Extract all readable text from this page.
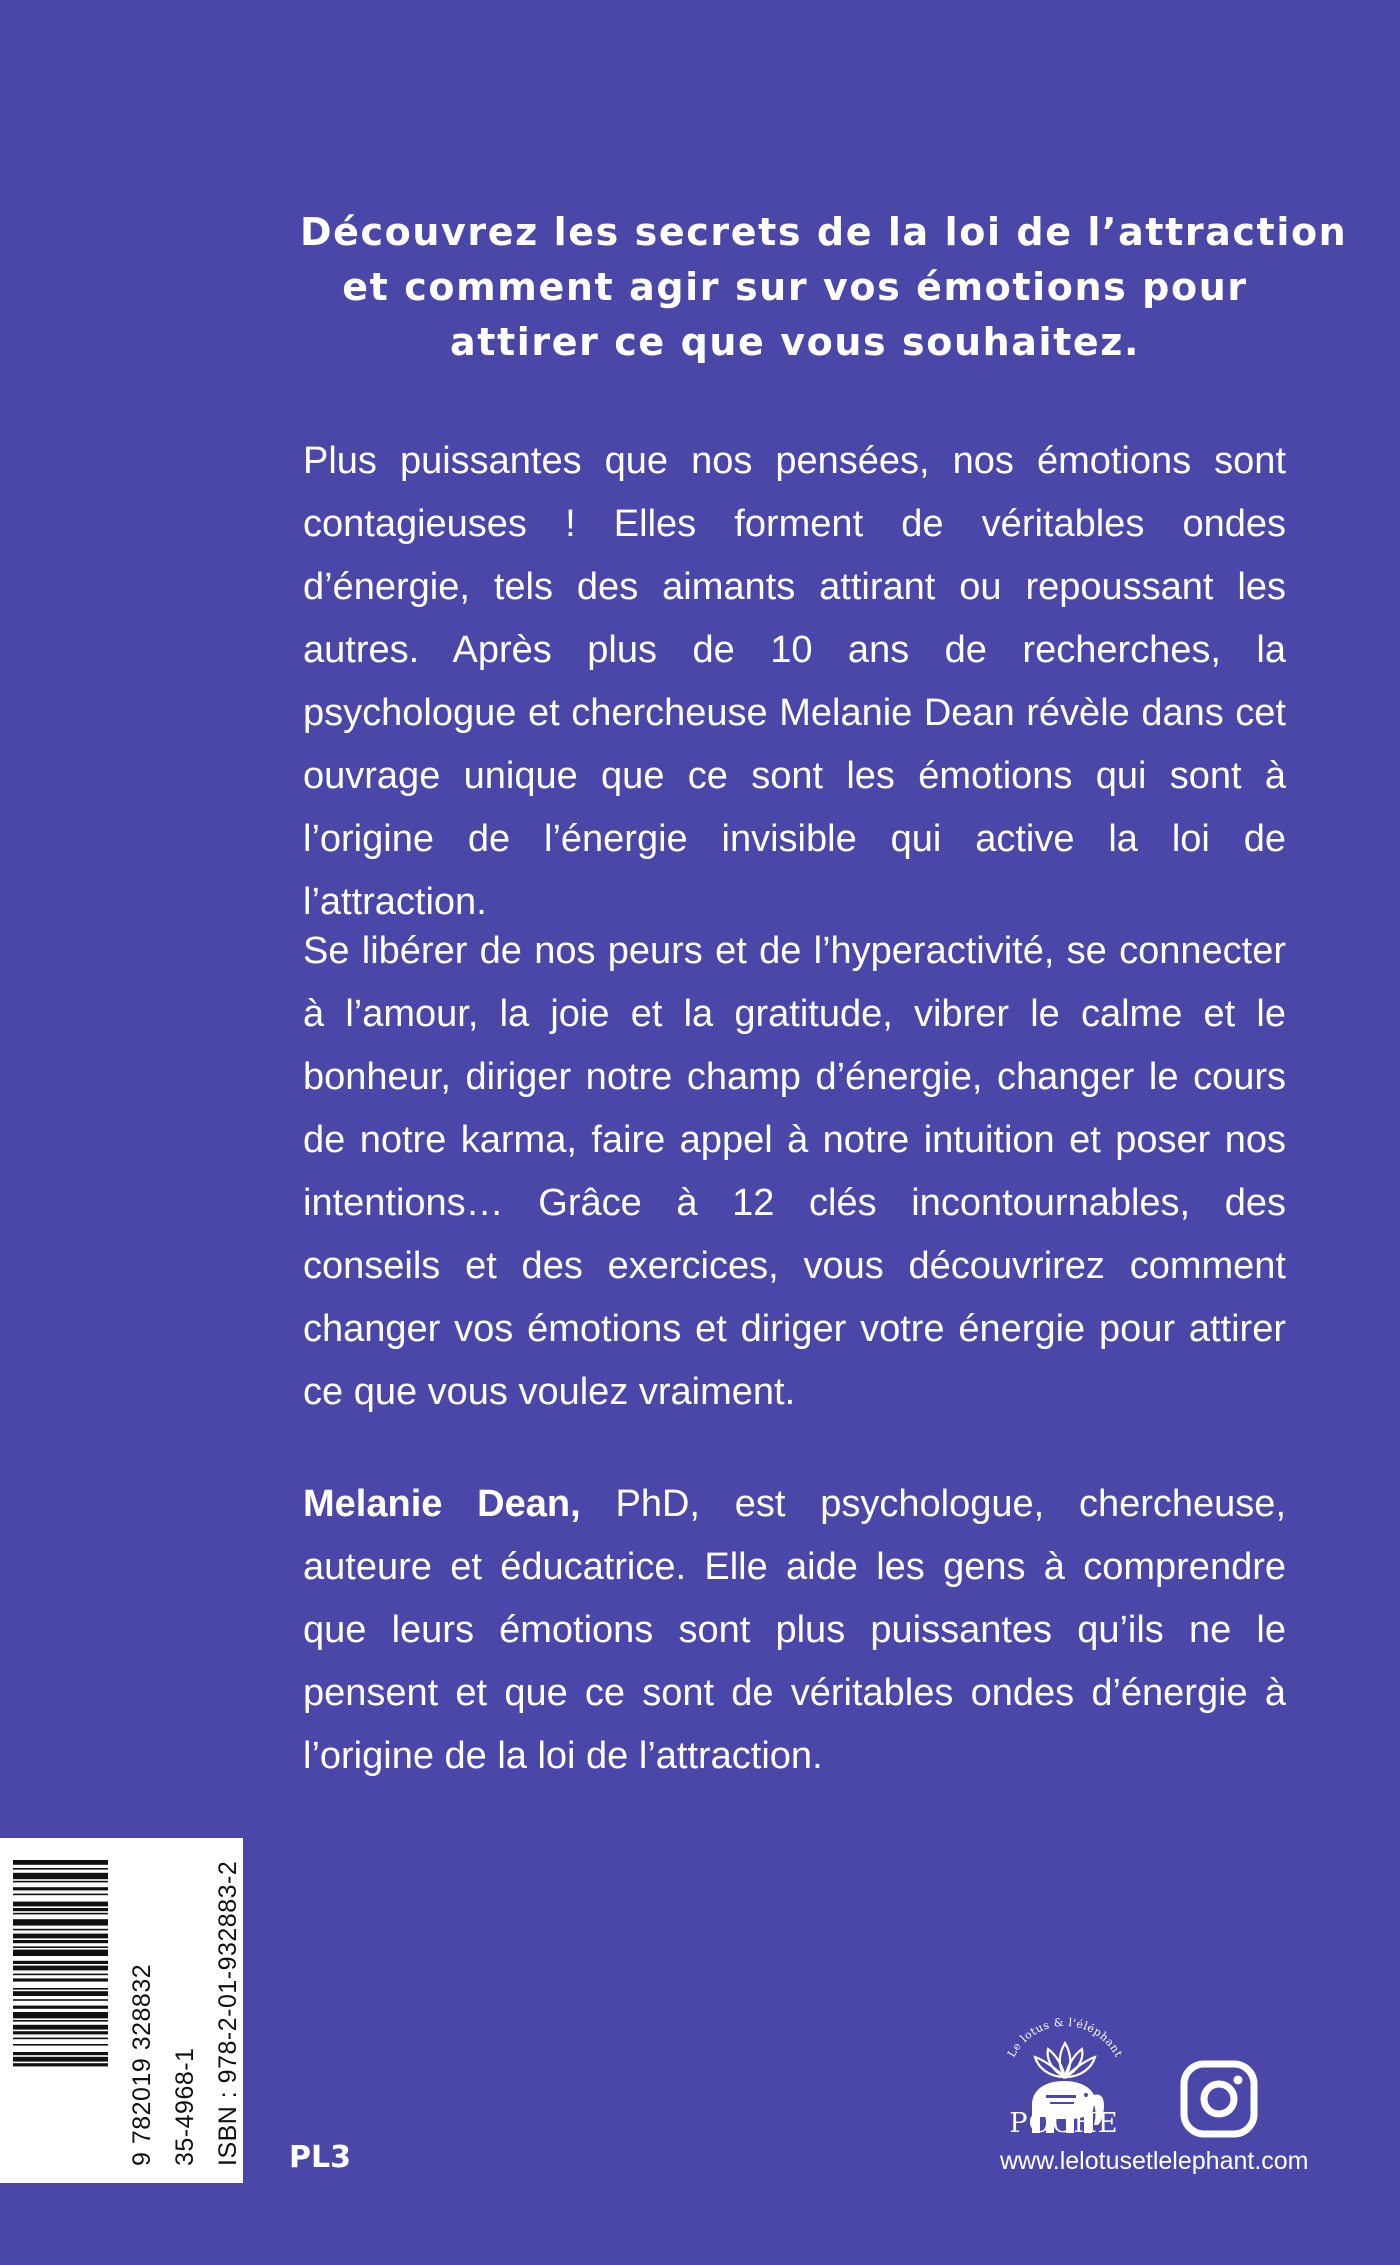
Découvrez les secrets de la loi de l’attraction
et comment agir sur vos émotions pour
attirer ce que vous souhaitez.
Plus puissantes que nos pensées, nos émotions sont contagieuses ! Elles forment de véritables ondes d’énergie, tels des aimants attirant ou repoussant les autres. Après plus de 10 ans de recherches, la psychologue et chercheuse Melanie Dean révèle dans cet ouvrage unique que ce sont les émotions qui sont à l’origine de l’énergie invisible qui active la loi de l’attraction.
Se libérer de nos peurs et de l’hyperactivité, se connecter à l’amour, la joie et la gratitude, vibrer le calme et le bonheur, diriger notre champ d’énergie, changer le cours de notre karma, faire appel à notre intuition et poser nos intentions… Grâce à 12 clés incontournables, des conseils et des exercices, vous découvrirez comment changer vos émotions et diriger votre énergie pour attirer ce que vous voulez vraiment.
Melanie Dean, PhD, est psychologue, chercheuse, auteure et éducatrice. Elle aide les gens à comprendre que leurs émotions sont plus puissantes qu’ils ne le pensent et que ce sont de véritables ondes d’énergie à l’origine de la loi de l’attraction.
9 782019 328832 35-4968-1 ISBN : 978-2-01-932883-2 PL3
Le lotus & l'éléphant
POCHE
www.lelotusetlelephant.com
